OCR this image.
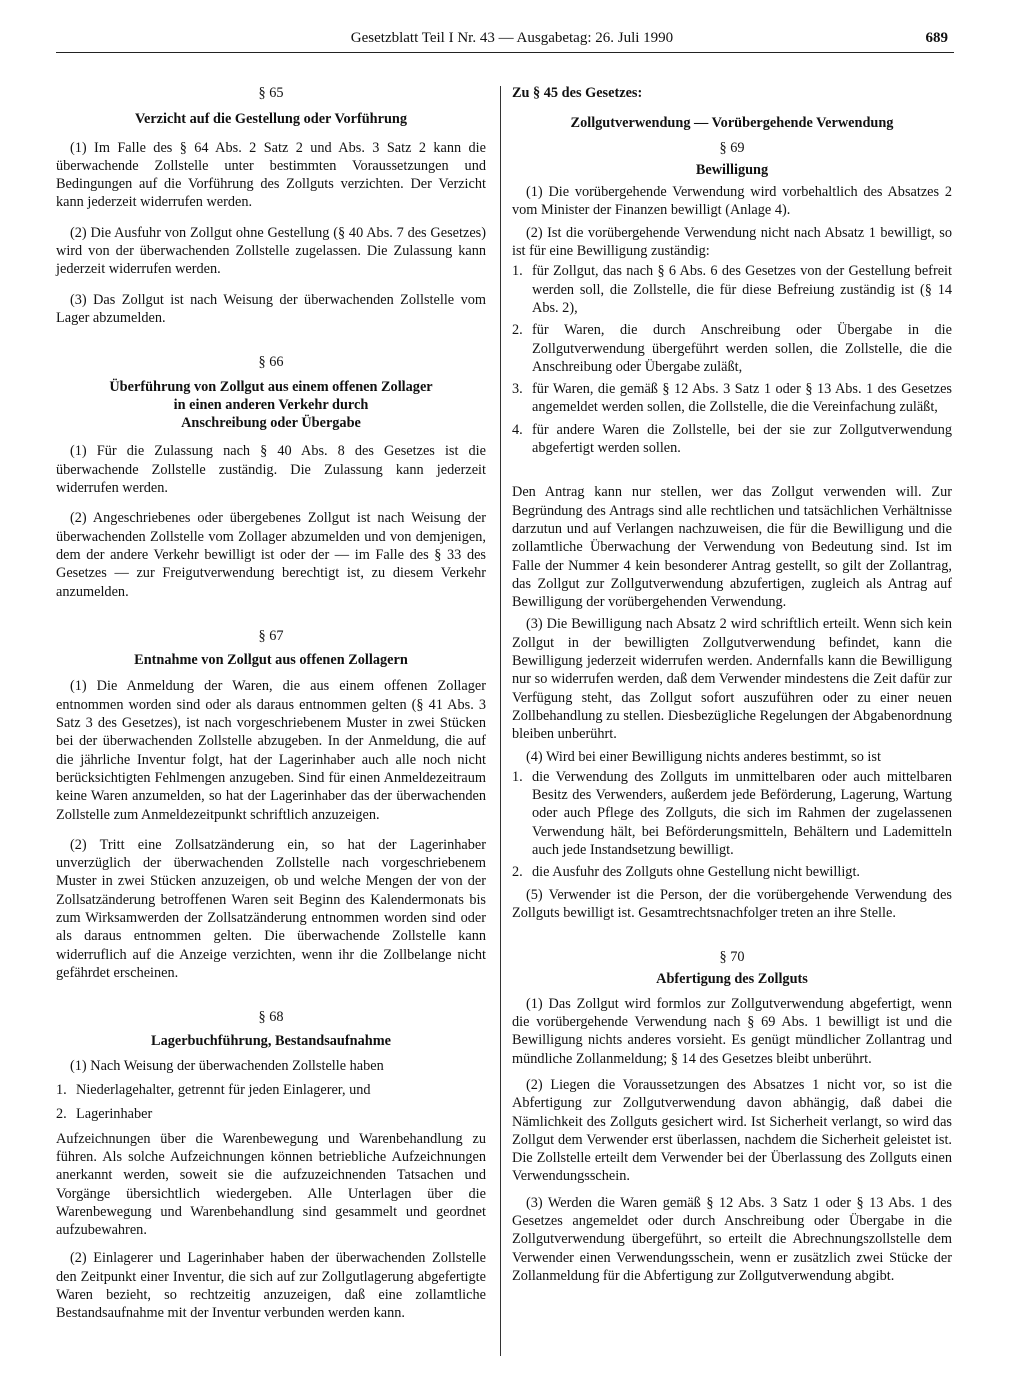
Gesetzblatt Teil I Nr. 43 — Ausgabetag: 26. Juli 1990	689

§ 65

Verzicht auf die Gestellung oder Vorführung

(1) Im Falle des § 64 Abs. 2 Satz 2 und Abs. 3 Satz 2 kann die überwachende Zollstelle unter bestimmten Voraussetzungen und Bedingungen auf die Vorführung des Zollguts verzichten. Der Verzicht kann jederzeit widerrufen werden.

(2) Die Ausfuhr von Zollgut ohne Gestellung (§ 40 Abs. 7 des Gesetzes) wird von der überwachenden Zollstelle zugelassen. Die Zulassung kann jederzeit widerrufen werden.

(3) Das Zollgut ist nach Weisung der überwachenden Zollstelle vom Lager abzumelden.

§ 66

Überführung von Zollgut aus einem offenen Zollager

in einen anderen Verkehr durch

Anschreibung oder Übergabe

(1) Für die Zulassung nach § 40 Abs. 8 des Gesetzes ist die überwachende Zollstelle zuständig. Die Zulassung kann jederzeit widerrufen werden.

(2) Angeschriebenes oder übergebenes Zollgut ist nach Weisung der überwachenden Zollstelle vom Zollager abzumelden und von demjenigen, dem der andere Verkehr bewilligt ist oder der — im Falle des § 33 des Gesetzes — zur Freigutverwendung berechtigt ist, zu diesem Verkehr anzumelden.

§ 67

Entnahme von Zollgut aus offenen Zollagern

(1) Die Anmeldung der Waren, die aus einem offenen Zollager entnommen worden sind oder als daraus entnommen gelten (§ 41 Abs. 3 Satz 3 des Gesetzes), ist nach vorgeschriebenem Muster in zwei Stücken bei der überwachenden Zollstelle abzugeben. In der Anmeldung, die auf die jährliche Inventur folgt, hat der Lagerinhaber auch alle noch nicht berücksichtigten Fehlmengen anzugeben. Sind für einen Anmeldezeitraum keine Waren anzumelden, so hat der Lagerinhaber das der überwachenden Zollstelle zum Anmeldezeitpunkt schriftlich anzuzeigen.

(2) Tritt eine Zollsatzänderung ein, so hat der Lagerinhaber unverzüglich der überwachenden Zollstelle nach vorgeschriebenem Muster in zwei Stücken anzuzeigen, ob und welche Mengen der von der Zollsatzänderung betroffenen Waren seit Beginn des Kalendermonats bis zum Wirksamwerden der Zollsatzänderung entnommen worden sind oder als daraus entnommen gelten. Die überwachende Zollstelle kann widerruflich auf die Anzeige verzichten, wenn ihr die Zollbelange nicht gefährdet erscheinen.

§ 68

Lagerbuchführung, Bestandsaufnahme

(1) Nach Weisung der überwachenden Zollstelle haben

1. Niederlagehalter, getrennt für jeden Einlagerer, und
2. Lagerinhaber

Aufzeichnungen über die Warenbewegung und Warenbehandlung zu führen. Als solche Aufzeichnungen können betriebliche Aufzeichnungen anerkannt werden, soweit sie die aufzuzeichnenden Tatsachen und Vorgänge übersichtlich wiedergeben. Alle Unterlagen über die Warenbewegung und Warenbehandlung sind gesammelt und geordnet aufzubewahren.

(2) Einlagerer und Lagerinhaber haben der überwachenden Zollstelle den Zeitpunkt einer Inventur, die sich auf zur Zollgutlagerung abgefertigte Waren bezieht, so rechtzeitig anzuzeigen, daß eine zollamtliche Bestandsaufnahme mit der Inventur verbunden werden kann.

Zu § 45 des Gesetzes:

Zollgutverwendung — Vorübergehende Verwendung

§ 69

Bewilligung

(1) Die vorübergehende Verwendung wird vorbehaltlich des Absatzes 2 vom Minister der Finanzen bewilligt (Anlage 4).

(2) Ist die vorübergehende Verwendung nicht nach Absatz 1 bewilligt, so ist für eine Bewilligung zuständig:

1. für Zollgut, das nach § 6 Abs. 6 des Gesetzes von der Gestellung befreit werden soll, die Zollstelle, die für diese Befreiung zuständig ist (§ 14 Abs. 2),
2. für Waren, die durch Anschreibung oder Übergabe in die Zollgutverwendung übergeführt werden sollen, die Zollstelle, die die Anschreibung oder Übergabe zuläßt,
3. für Waren, die gemäß § 12 Abs. 3 Satz 1 oder § 13 Abs. 1 des Gesetzes angemeldet werden sollen, die Zollstelle, die die Vereinfachung zuläßt,
4. für andere Waren die Zollstelle, bei der sie zur Zollgutverwendung abgefertigt werden sollen.

Den Antrag kann nur stellen, wer das Zollgut verwenden will. Zur Begründung des Antrags sind alle rechtlichen und tatsächlichen Verhältnisse darzutun und auf Verlangen nachzuweisen, die für die Bewilligung und die zollamtliche Überwachung der Verwendung von Bedeutung sind. Ist im Falle der Nummer 4 kein besonderer Antrag gestellt, so gilt der Zollantrag, das Zollgut zur Zollgutverwendung abzufertigen, zugleich als Antrag auf Bewilligung der vorübergehenden Verwendung.

(3) Die Bewilligung nach Absatz 2 wird schriftlich erteilt. Wenn sich kein Zollgut in der bewilligten Zollgutverwendung befindet, kann die Bewilligung jederzeit widerrufen werden. Andernfalls kann die Bewilligung nur so widerrufen werden, daß dem Verwender mindestens die Zeit dafür zur Verfügung steht, das Zollgut sofort auszuführen oder zu einer neuen Zollbehandlung zu stellen. Diesbezügliche Regelungen der Abgabenordnung bleiben unberührt.

(4) Wird bei einer Bewilligung nichts anderes bestimmt, so ist

1. die Verwendung des Zollguts im unmittelbaren oder auch mittelbaren Besitz des Verwenders, außerdem jede Beförderung, Lagerung, Wartung oder auch Pflege des Zollguts, die sich im Rahmen der zugelassenen Verwendung hält, bei Beförderungsmitteln, Behältern und Lademitteln auch jede Instandsetzung bewilligt.
2. die Ausfuhr des Zollguts ohne Gestellung nicht bewilligt.

(5) Verwender ist die Person, der die vorübergehende Verwendung des Zollguts bewilligt ist. Gesamtrechtsnachfolger treten an ihre Stelle.

§ 70

Abfertigung des Zollguts

(1) Das Zollgut wird formlos zur Zollgutverwendung abgefertigt, wenn die vorübergehende Verwendung nach § 69 Abs. 1 bewilligt ist und die Bewilligung nichts anderes vorsieht. Es genügt mündlicher Zollantrag und mündliche Zollanmeldung; § 14 des Gesetzes bleibt unberührt.

(2) Liegen die Voraussetzungen des Absatzes 1 nicht vor, so ist die Abfertigung zur Zollgutverwendung davon abhängig, daß dabei die Nämlichkeit des Zollguts gesichert wird. Ist Sicherheit verlangt, so wird das Zollgut dem Verwender erst überlassen, nachdem die Sicherheit geleistet ist. Die Zollstelle erteilt dem Verwender bei der Überlassung des Zollguts einen Verwendungsschein.

(3) Werden die Waren gemäß § 12 Abs. 3 Satz 1 oder § 13 Abs. 1 des Gesetzes angemeldet oder durch Anschreibung oder Übergabe in die Zollgutverwendung übergeführt, so erteilt die Abrechnungszollstelle dem Verwender einen Verwendungsschein, wenn er zusätzlich zwei Stücke der Zollanmeldung für die Abfertigung zur Zollgutverwendung abgibt.
